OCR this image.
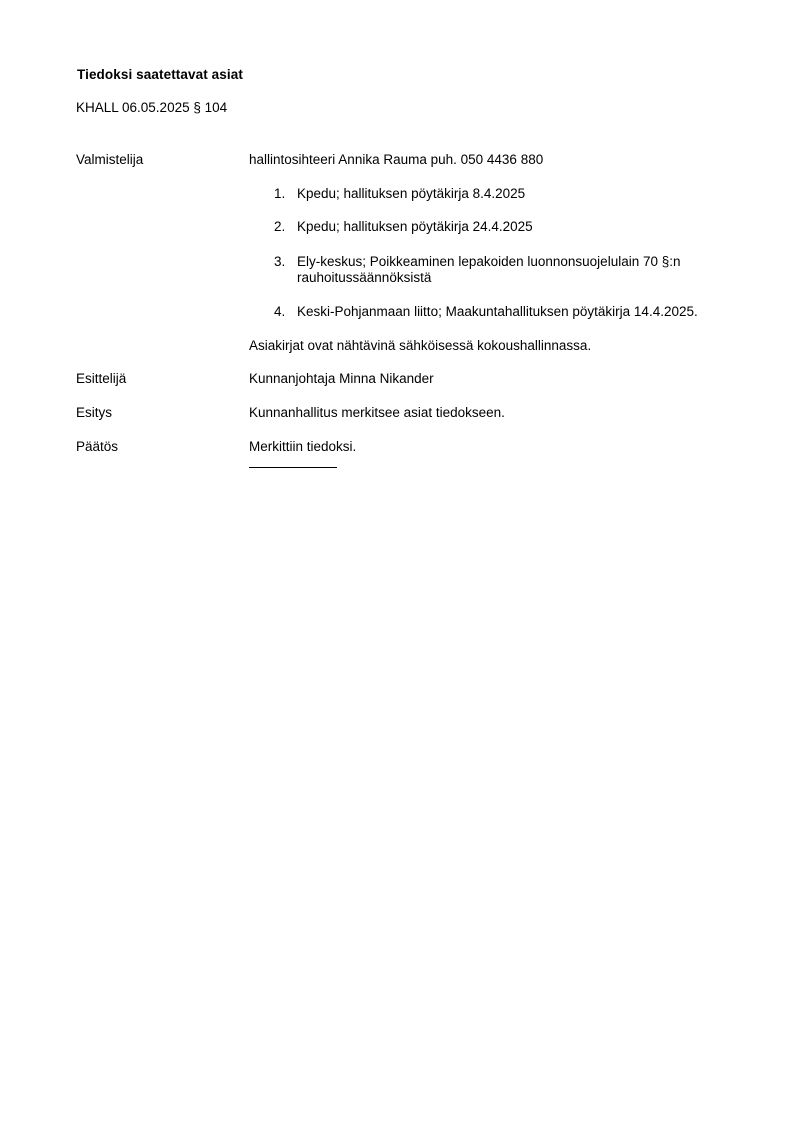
Tiedoksi saatettavat asiat
KHALL 06.05.2025 § 104
Valmistelija	hallintosihteeri Annika Rauma puh. 050 4436 880
1. Kpedu; hallituksen pöytäkirja 8.4.2025
2. Kpedu; hallituksen pöytäkirja 24.4.2025
3. Ely-keskus; Poikkeaminen lepakoiden luonnonsuojelulain 70 §:n rauhoitussäännöksistä
4. Keski-Pohjanmaan liitto; Maakuntahallituksen pöytäkirja 14.4.2025.
Asiakirjat ovat nähtävinä sähköisessä kokoushallinnassa.
Esittelijä	Kunnanjohtaja Minna Nikander
Esitys	Kunnanhallitus merkitsee asiat tiedokseen.
Päätös	Merkittiin tiedoksi.
